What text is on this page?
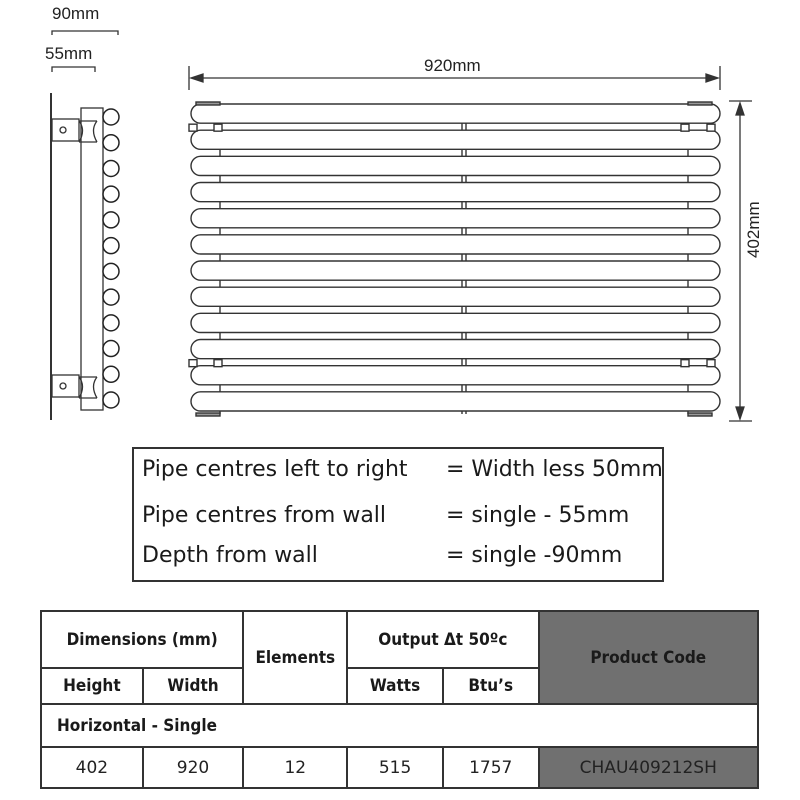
90mm
55mm
920mm
402mm
Pipe centres left to right = Width less 50mm
Pipe centres from wall	= single - 55mm
Depth from wall	= single -90mm
Dimensions (mm)		Elements	Output Δt 50ºc		Product Code
Height	Width		Watts	Btu’s	
Horizontal - Single					
402	920	12	515	1757	CHAU409212SH
